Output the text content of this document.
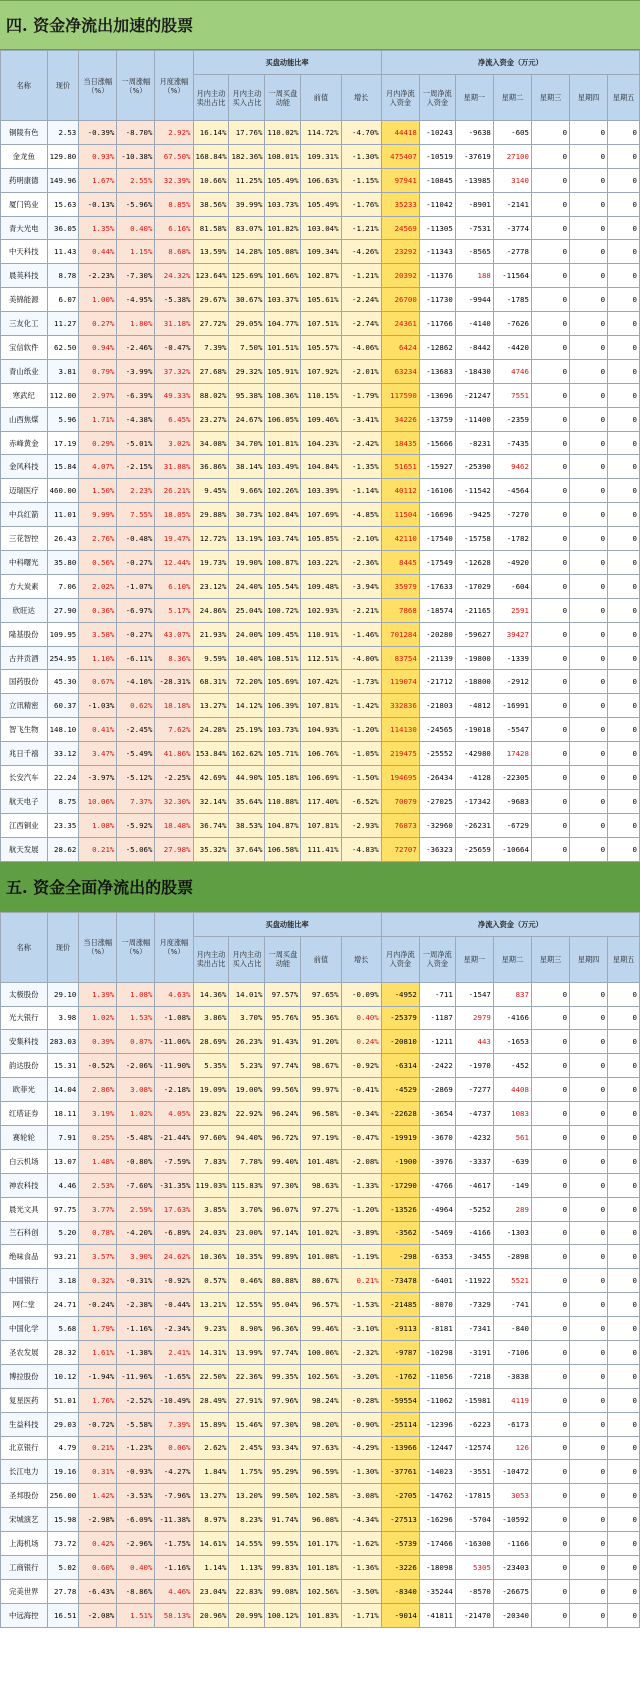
四. 资金净流出加速的股票
名称	现价	当日涨幅（%）	一周涨幅（%）	月度涨幅（%）	买盘动能比率					净流入资金（万元）						
					月内主动卖出占比	月内主动买入占比	一周买盘动能	前值	增长	月内净流入资金	一周净流入资金	星期一	星期二	星期三	星期四	星期五
铜陵有色	2.53	-0.39%	-8.70%	2.92%	16.14%	17.76%	110.02%	114.72%	-4.70%	44418	-10243	-9638	-605	0	0	0
金龙鱼	129.80	0.93%	-10.38%	67.50%	168.84%	182.36%	108.01%	109.31%	-1.30%	475407	-10519	-37619	27100	0	0	0
药明康德	149.96	1.67%	2.55%	32.39%	10.66%	11.25%	105.49%	106.63%	-1.15%	97941	-10845	-13985	3140	0	0	0
厦门钨业	15.63	-0.13%	-5.96%	8.85%	38.56%	39.99%	103.73%	105.49%	-1.76%	35233	-11042	-8901	-2141	0	0	0
青大光电	36.05	1.35%	0.40%	6.16%	81.58%	83.07%	101.82%	103.04%	-1.21%	24569	-11305	-7531	-3774	0	0	0
中天科技	11.43	0.44%	1.15%	8.68%	13.59%	14.28%	105.08%	109.34%	-4.26%	23292	-11343	-8565	-2778	0	0	0
晨英科技	8.78	-2.23%	-7.30%	24.32%	123.64%	125.69%	101.66%	102.87%	-1.21%	20392	-11376	188	-11564	0	0	0
美锦能源	6.07	1.00%	-4.95%	-5.38%	29.67%	30.67%	103.37%	105.61%	-2.24%	26700	-11730	-9944	-1785	0	0	0
三友化工	11.27	0.27%	1.80%	31.18%	27.72%	29.05%	104.77%	107.51%	-2.74%	24361	-11766	-4140	-7626	0	0	0
宝信软件	62.50	0.94%	-2.46%	-0.47%	7.39%	7.50%	101.51%	105.57%	-4.06%	6424	-12862	-8442	-4420	0	0	0
青山纸业	3.81	0.79%	-3.99%	37.32%	27.68%	29.32%	105.91%	107.92%	-2.01%	63234	-13683	-18430	4746	0	0	0
寒武纪	112.00	2.97%	-6.39%	49.33%	88.02%	95.38%	108.36%	110.15%	-1.79%	117590	-13696	-21247	7551	0	0	0
山西焦煤	5.96	1.71%	-4.38%	6.45%	23.27%	24.67%	106.05%	109.46%	-3.41%	34226	-13759	-11400	-2359	0	0	0
赤峰黄金	17.19	0.29%	-5.01%	3.02%	34.08%	34.70%	101.81%	104.23%	-2.42%	18435	-15666	-8231	-7435	0	0	0
金风科技	15.84	4.07%	-2.15%	31.88%	36.86%	38.14%	103.49%	104.84%	-1.35%	51651	-15927	-25390	9462	0	0	0
迈瑞医疗	460.00	1.50%	2.23%	26.21%	9.45%	9.66%	102.26%	103.39%	-1.14%	40112	-16106	-11542	-4564	0	0	0
中兵红箭	11.01	9.99%	7.55%	18.05%	29.88%	30.73%	102.84%	107.69%	-4.85%	11504	-16696	-9425	-7270	0	0	0
三花智控	26.43	2.76%	-0.48%	19.47%	12.72%	13.19%	103.74%	105.85%	-2.10%	42110	-17540	-15758	-1782	0	0	0
中科曙光	35.80	0.56%	-0.27%	12.44%	19.73%	19.90%	100.87%	103.22%	-2.36%	8445	-17549	-12628	-4920	0	0	0
方大炭素	7.06	2.02%	-1.07%	6.10%	23.12%	24.40%	105.54%	109.48%	-3.94%	35979	-17633	-17029	-604	0	0	0
欣旺达	27.90	0.36%	-6.97%	5.17%	24.86%	25.04%	100.72%	102.93%	-2.21%	7868	-18574	-21165	2591	0	0	0
隆基股份	109.95	3.58%	-0.27%	43.07%	21.93%	24.00%	109.45%	110.91%	-1.46%	701284	-20280	-59627	39427	0	0	0
古井贡酒	254.95	1.10%	-6.11%	8.36%	9.59%	10.40%	108.51%	112.51%	-4.00%	83754	-21139	-19800	-1339	0	0	0
国药股份	45.30	0.67%	-4.10%	-28.31%	68.31%	72.20%	105.69%	107.42%	-1.73%	119074	-21712	-18800	-2912	0	0	0
立讯精密	60.37	-1.03%	0.62%	18.18%	13.27%	14.12%	106.39%	107.81%	-1.42%	332836	-21803	-4812	-16991	0	0	0
智飞生物	148.10	0.41%	-2.45%	7.62%	24.28%	25.19%	103.73%	104.93%	-1.20%	114130	-24565	-19018	-5547	0	0	0
兆日千禧	33.12	3.47%	-5.49%	41.86%	153.84%	162.62%	105.71%	106.76%	-1.05%	219475	-25552	-42980	17428	0	0	0
长安汽车	22.24	-3.97%	-5.12%	-2.25%	42.69%	44.90%	105.18%	106.69%	-1.50%	194695	-26434	-4128	-22305	0	0	0
航天电子	8.75	10.06%	7.37%	32.30%	32.14%	35.64%	110.88%	117.40%	-6.52%	70079	-27025	-17342	-9683	0	0	0
江西铜业	23.35	1.08%	-5.92%	18.48%	36.74%	38.53%	104.87%	107.81%	-2.93%	76873	-32960	-26231	-6729	0	0	0
航天发展	28.62	0.21%	-5.06%	27.98%	35.32%	37.64%	106.58%	111.41%	-4.83%	72707	-36323	-25659	-10664	0	0	0
五. 资金全面净流出的股票
名称	现价	当日涨幅（%）	一周涨幅（%）	月度涨幅（%）	买盘动能比率					净流入资金（万元）						
					月内主动卖出占比	月内主动买入占比	一周买盘动能	前值	增长	月内净流入资金	一周净流入资金	星期一	星期二	星期三	星期四	星期五
太极股份	29.10	1.39%	1.08%	4.63%	14.36%	14.01%	97.57%	97.65%	-0.09%	-4952	-711	-1547	837	0	0	0
光大银行	3.98	1.02%	1.53%	-1.08%	3.86%	3.70%	95.76%	95.36%	0.40%	-25379	-1187	2979	-4166	0	0	0
安集科技	283.03	0.39%	0.87%	-11.06%	28.69%	26.23%	91.43%	91.20%	0.24%	-20810	-1211	443	-1653	0	0	0
韵达股份	15.31	-0.52%	-2.06%	-11.90%	5.35%	5.23%	97.74%	98.67%	-0.92%	-6314	-2422	-1970	-452	0	0	0
欧菲光	14.04	2.86%	3.08%	-2.18%	19.09%	19.00%	99.56%	99.97%	-0.41%	-4529	-2869	-7277	4408	0	0	0
红塔证券	18.11	3.19%	1.02%	4.05%	23.82%	22.92%	96.24%	96.58%	-0.34%	-22628	-3654	-4737	1083	0	0	0
赛轮轮	7.91	0.25%	-5.48%	-21.44%	97.60%	94.40%	96.72%	97.19%	-0.47%	-19919	-3670	-4232	561	0	0	0
白云机场	13.07	1.48%	-0.80%	-7.59%	7.83%	7.78%	99.40%	101.48%	-2.08%	-1900	-3976	-3337	-639	0	0	0
神农科技	4.46	2.53%	-7.60%	-31.35%	119.03%	115.83%	97.30%	98.63%	-1.33%	-17290	-4766	-4617	-149	0	0	0
晨光文具	97.75	3.77%	2.59%	17.63%	3.85%	3.70%	96.07%	97.27%	-1.20%	-13526	-4964	-5252	289	0	0	0
兰石科创	5.20	0.78%	-4.20%	-6.89%	24.03%	23.00%	97.14%	101.02%	-3.89%	-3562	-5469	-4166	-1303	0	0	0
绝味食品	93.21	3.57%	3.90%	24.62%	10.36%	10.35%	99.89%	101.08%	-1.19%	-298	-6353	-3455	-2898	0	0	0
中国银行	3.18	0.32%	-0.31%	-0.92%	0.57%	0.46%	80.88%	80.67%	0.21%	-73478	-6401	-11922	5521	0	0	0
网仁堂	24.71	-0.24%	-2.38%	-0.44%	13.21%	12.55%	95.04%	96.57%	-1.53%	-21485	-8070	-7329	-741	0	0	0
中国化学	5.68	1.79%	-1.16%	-2.34%	9.23%	8.90%	96.36%	99.46%	-3.10%	-9113	-8181	-7341	-840	0	0	0
圣农发展	28.32	1.61%	-1.38%	2.41%	14.31%	13.99%	97.74%	100.06%	-2.32%	-9787	-10298	-3191	-7106	0	0	0
博拉股份	10.12	-1.94%	-11.96%	-1.65%	22.50%	22.36%	99.35%	102.56%	-3.20%	-1762	-11056	-7218	-3838	0	0	0
复星医药	51.01	1.76%	-2.52%	-10.49%	28.49%	27.91%	97.96%	98.24%	-0.28%	-59554	-11062	-15981	4119	0	0	0
生益科技	29.03	-0.72%	-5.58%	7.39%	15.89%	15.46%	97.30%	98.20%	-0.90%	-25114	-12396	-6223	-6173	0	0	0
北京银行	4.79	0.21%	-1.23%	0.06%	2.62%	2.45%	93.34%	97.63%	-4.29%	-13966	-12447	-12574	126	0	0	0
长江电力	19.16	0.31%	-0.93%	-4.27%	1.84%	1.75%	95.29%	96.59%	-1.30%	-37761	-14023	-3551	-10472	0	0	0
圣邦股份	256.00	1.42%	-3.53%	-7.96%	13.27%	13.20%	99.50%	102.58%	-3.08%	-2705	-14762	-17815	3053	0	0	0
宋城演艺	15.98	-2.98%	-6.09%	-11.38%	8.97%	8.23%	91.74%	96.08%	-4.34%	-27513	-16296	-5704	-10592	0	0	0
上海机场	73.72	0.42%	-2.96%	-1.75%	14.61%	14.55%	99.55%	101.17%	-1.62%	-5739	-17466	-16300	-1166	0	0	0
工商银行	5.02	0.60%	0.40%	-1.16%	1.14%	1.13%	99.83%	101.18%	-1.36%	-3226	-18098	5305	-23403	0	0	0
完美世界	27.78	-6.43%	-8.86%	4.46%	23.04%	22.83%	99.08%	102.56%	-3.50%	-8340	-35244	-8570	-26675	0	0	0
中远海控	16.51	-2.08%	1.51%	58.13%	20.96%	20.99%	100.12%	101.83%	-1.71%	-9014	-41811	-21470	-20340	0	0	0
